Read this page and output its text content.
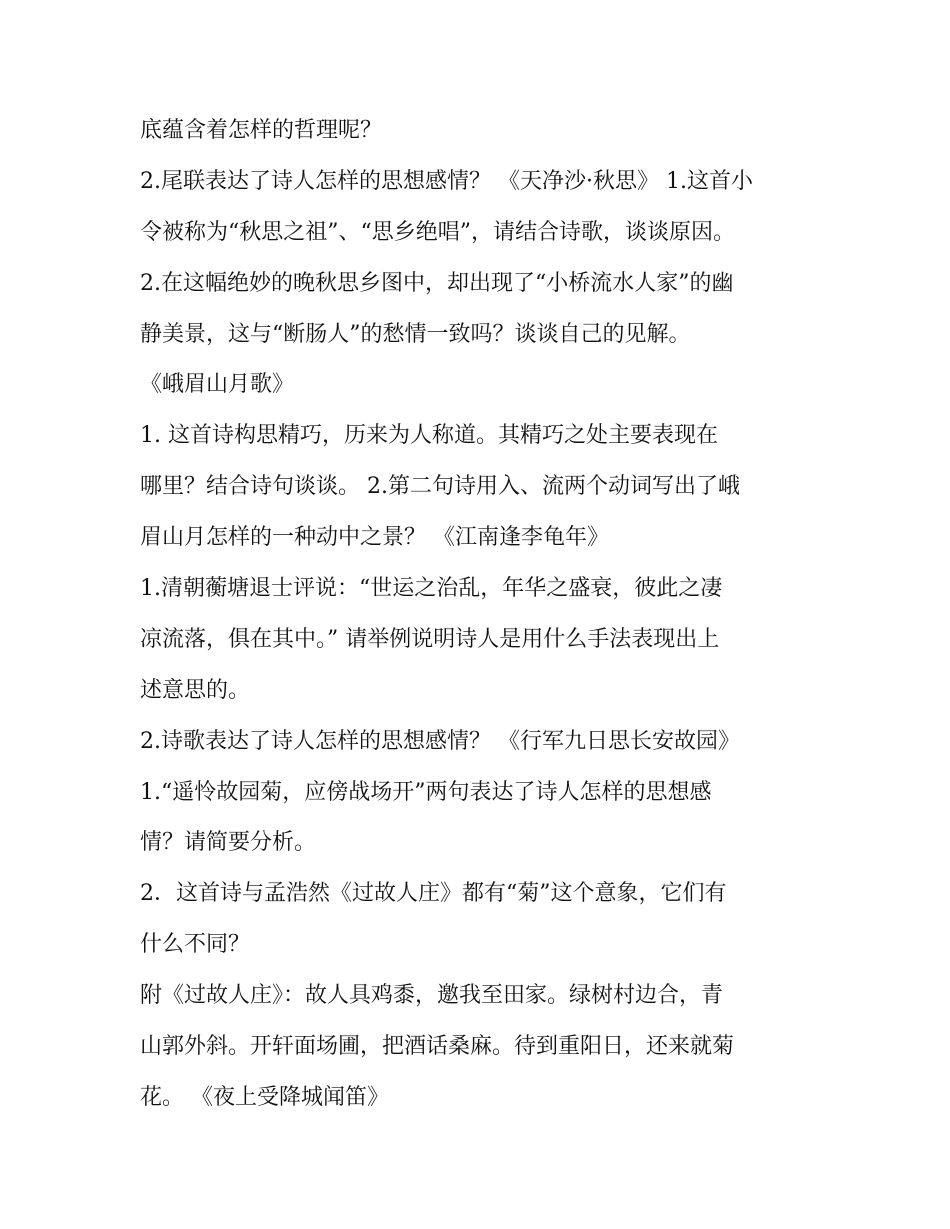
底蕴含着怎样的哲理呢？
2.尾联表达了诗人怎样的思想感情？ 《天净沙·秋思》 1.这首小
令被称为“秋思之祖”、“思乡绝唱”，请结合诗歌，谈谈原因。
2.在这幅绝妙的晚秋思乡图中，却出现了“小桥流水人家”的幽
静美景，这与“断肠人”的愁情一致吗？谈谈自己的见解。
《峨眉山月歌》
1. 这首诗构思精巧，历来为人称道。其精巧之处主要表现在
哪里？结合诗句谈谈。 2.第二句诗用入、流两个动词写出了峨
眉山月怎样的一种动中之景？ 《江南逢李龟年》
1.清朝蘅塘退士评说：“世运之治乱，年华之盛衰，彼此之凄
凉流落，俱在其中。” 请举例说明诗人是用什么手法表现出上
述意思的。
2.诗歌表达了诗人怎样的思想感情？ 《行军九日思长安故园》
1.“遥怜故园菊，应傍战场开”两句表达了诗人怎样的思想感
情？请简要分析。
2．这首诗与孟浩然《过故人庄》都有“菊”这个意象，它们有
什么不同？
附《过故人庄》：故人具鸡黍，邀我至田家。绿树村边合，青
山郭外斜。开轩面场圃，把酒话桑麻。待到重阳日，还来就菊
花。 《夜上受降城闻笛》
